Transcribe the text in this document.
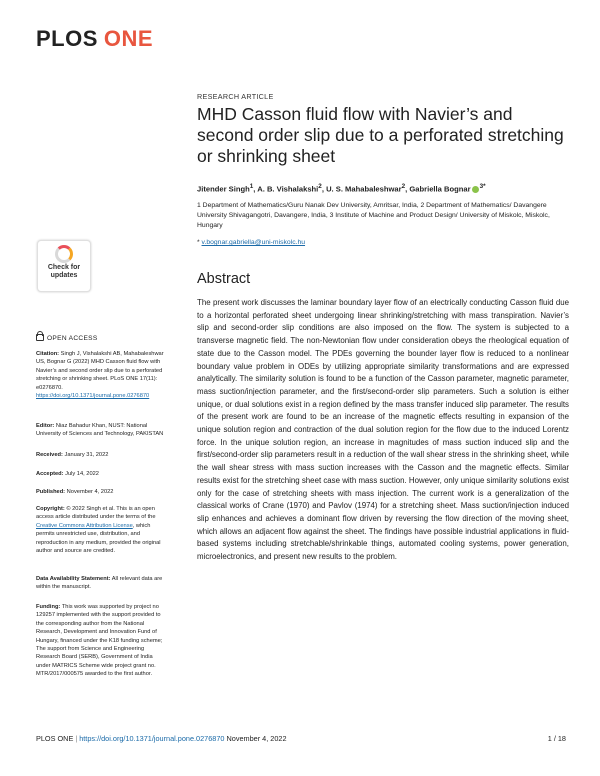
PLOS ONE
Check for
updates
OPEN ACCESS
Citation: Singh J, Vishalakshi AB, Mahabaleshwar US, Bognar G (2022) MHD Casson fluid flow with Navier’s and second order slip due to a perforated stretching or shrinking sheet. PLoS ONE 17(11): e0276870. https://doi.org/10.1371/journal.pone.0276870
Editor: Niaz Bahadur Khan, NUST: National University of Sciences and Technology, PAKISTAN
Received: January 31, 2022
Accepted: July 14, 2022
Published: November 4, 2022
Copyright: © 2022 Singh et al. This is an open access article distributed under the terms of the Creative Commons Attribution License, which permits unrestricted use, distribution, and reproduction in any medium, provided the original author and source are credited.
Data Availability Statement: All relevant data are within the manuscript.
Funding: This work was supported by project no 129257 implemented with the support provided to the corresponding author from the National Research, Development and Innovation Fund of Hungary, financed under the K18 funding scheme; The support from Science and Engineering Research Board (SERB), Government of India under MATRICS Scheme wide project grant no. MTR/2017/000575 awarded to the first author.
RESEARCH ARTICLE
MHD Casson fluid flow with Navier’s and second order slip due to a perforated stretching or shrinking sheet
Jitender Singh$^1$, A. B. Vishalakshi$^2$, U. S. Mahabaleshwar$^2$, Gabriella Bognar $^{3*}$
1 Department of Mathematics/Guru Nanak Dev University, Amritsar, India, 2 Department of Mathematics/ Davangere University Shivagangotri, Davangere, India, 3 Institute of Machine and Product Design/ University of Miskolc, Miskolc, Hungary
* v.bognar.gabriella@uni-miskolc.hu
Abstract
The present work discusses the laminar boundary layer flow of an electrically conducting Casson fluid due to a horizontal perforated sheet undergoing linear shrinking/stretching with mass transpiration. Navier’s slip and second-order slip conditions are also imposed on the flow. The system is subjected to a transverse magnetic field. The non-Newtonian flow under consideration obeys the rheological equation of state due to the Casson model. The PDEs governing the bounder layer flow is reduced to a nonlinear boundary value problem in ODEs by utilizing appropriate similarity transformations and are expressed analytically. The similarity solution is found to be a function of the Casson parameter, magnetic parameter, mass suction/injection parameter, and the first/second-order slip parameters. Such a solution is either unique, or dual solutions exist in a region defined by the mass transfer induced slip parameter. The results of the present work are found to be an increase of the magnetic effects resulting in expansion of the unique solution region and contraction of the dual solution region for the flow due to the induced Lorentz force. In the unique solution region, an increase in magnitudes of mass suction induced slip and the first/second-order slip parameters result in a reduction of the wall shear stress in the shrinking sheet, while the wall shear stress with mass suction increases with the Casson and the magnetic effects. Similar results exist for the stretching sheet case with mass suction. However, only unique similarity solutions exist only for the case of stretching sheets with mass injection. The current work is a generalization of the classical works of Crane (1970) and Pavlov (1974) for a stretching sheet. Mass suction/injection induced slip enhances and achieves a dominant flow driven by reversing the flow direction of the moving sheet, which allows an adjacent flow against the sheet. The findings have possible industrial applications in fluid-based systems including stretchable/shrinkable things, automated cooling systems, power generation, microelectronics, and present new results to the problem.
PLOS ONE | https://doi.org/10.1371/journal.pone.0276870 November 4, 2022	1 / 18
